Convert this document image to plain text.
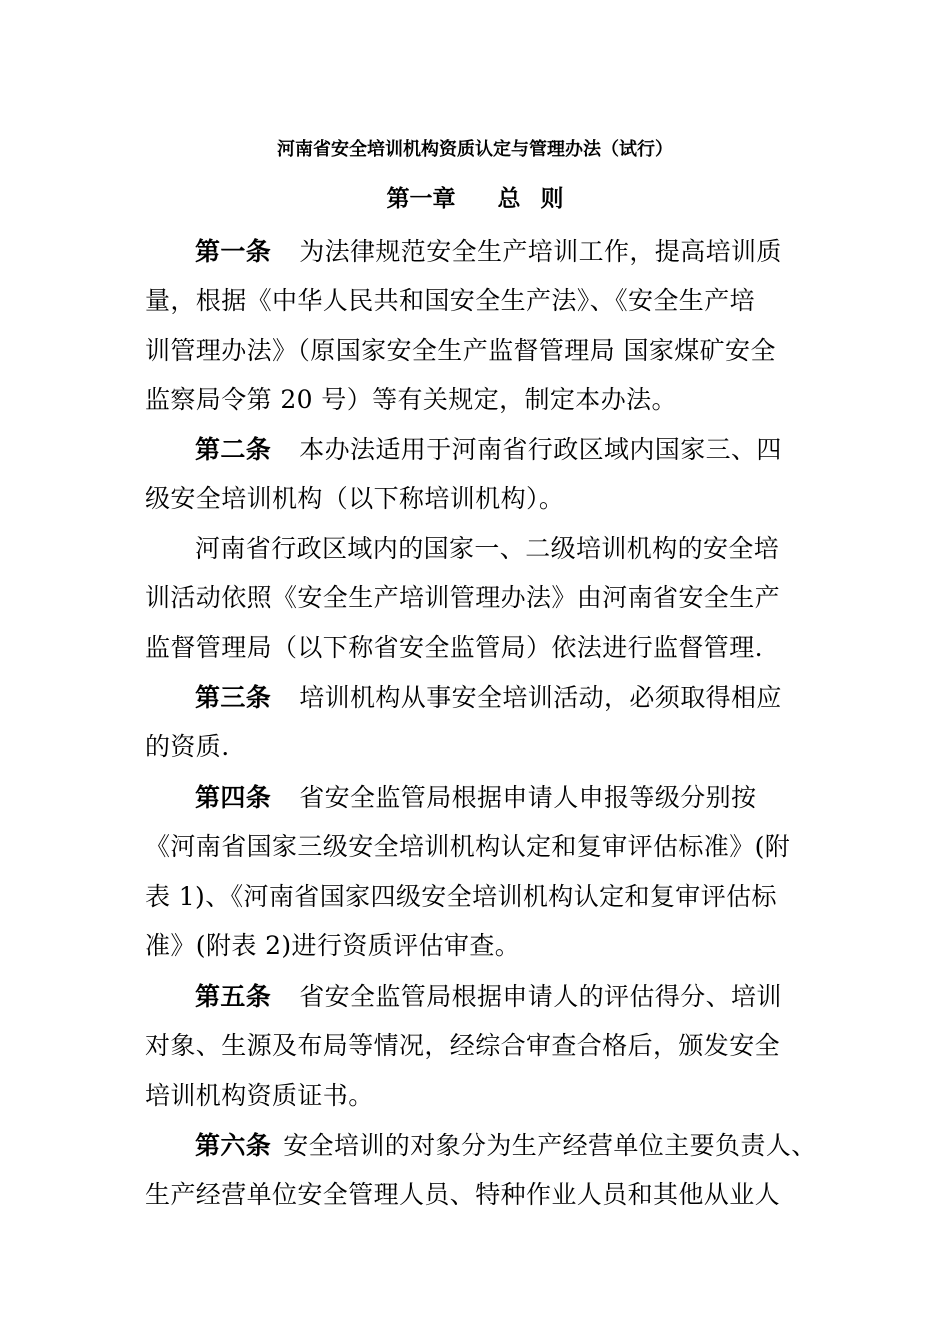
河南省安全培训机构资质认定与管理办法（试行）
第一章 总 则
第一条 为法律规范安全生产培训工作，提高培训质
量，根据《中华人民共和国安全生产法》、《安全生产培
训管理办法》（原国家安全生产监督管理局 国家煤矿安全
监察局令第 20 号）等有关规定，制定本办法。
第二条 本办法适用于河南省行政区域内国家三、四
级安全培训机构（以下称培训机构）。
河南省行政区域内的国家一、二级培训机构的安全培
训活动依照《安全生产培训管理办法》由河南省安全生产
监督管理局（以下称省安全监管局）依法进行监督管理.
第三条 培训机构从事安全培训活动，必须取得相应
的资质.
第四条 省安全监管局根据申请人申报等级分别按
《河南省国家三级安全培训机构认定和复审评估标准》(附
表 1)、《河南省国家四级安全培训机构认定和复审评估标
准》(附表 2)进行资质评估审查。
第五条 省安全监管局根据申请人的评估得分、培训
对象、生源及布局等情况，经综合审查合格后，颁发安全
培训机构资质证书。
第六条 安全培训的对象分为生产经营单位主要负责人、
生产经营单位安全管理人员、特种作业人员和其他从业人
